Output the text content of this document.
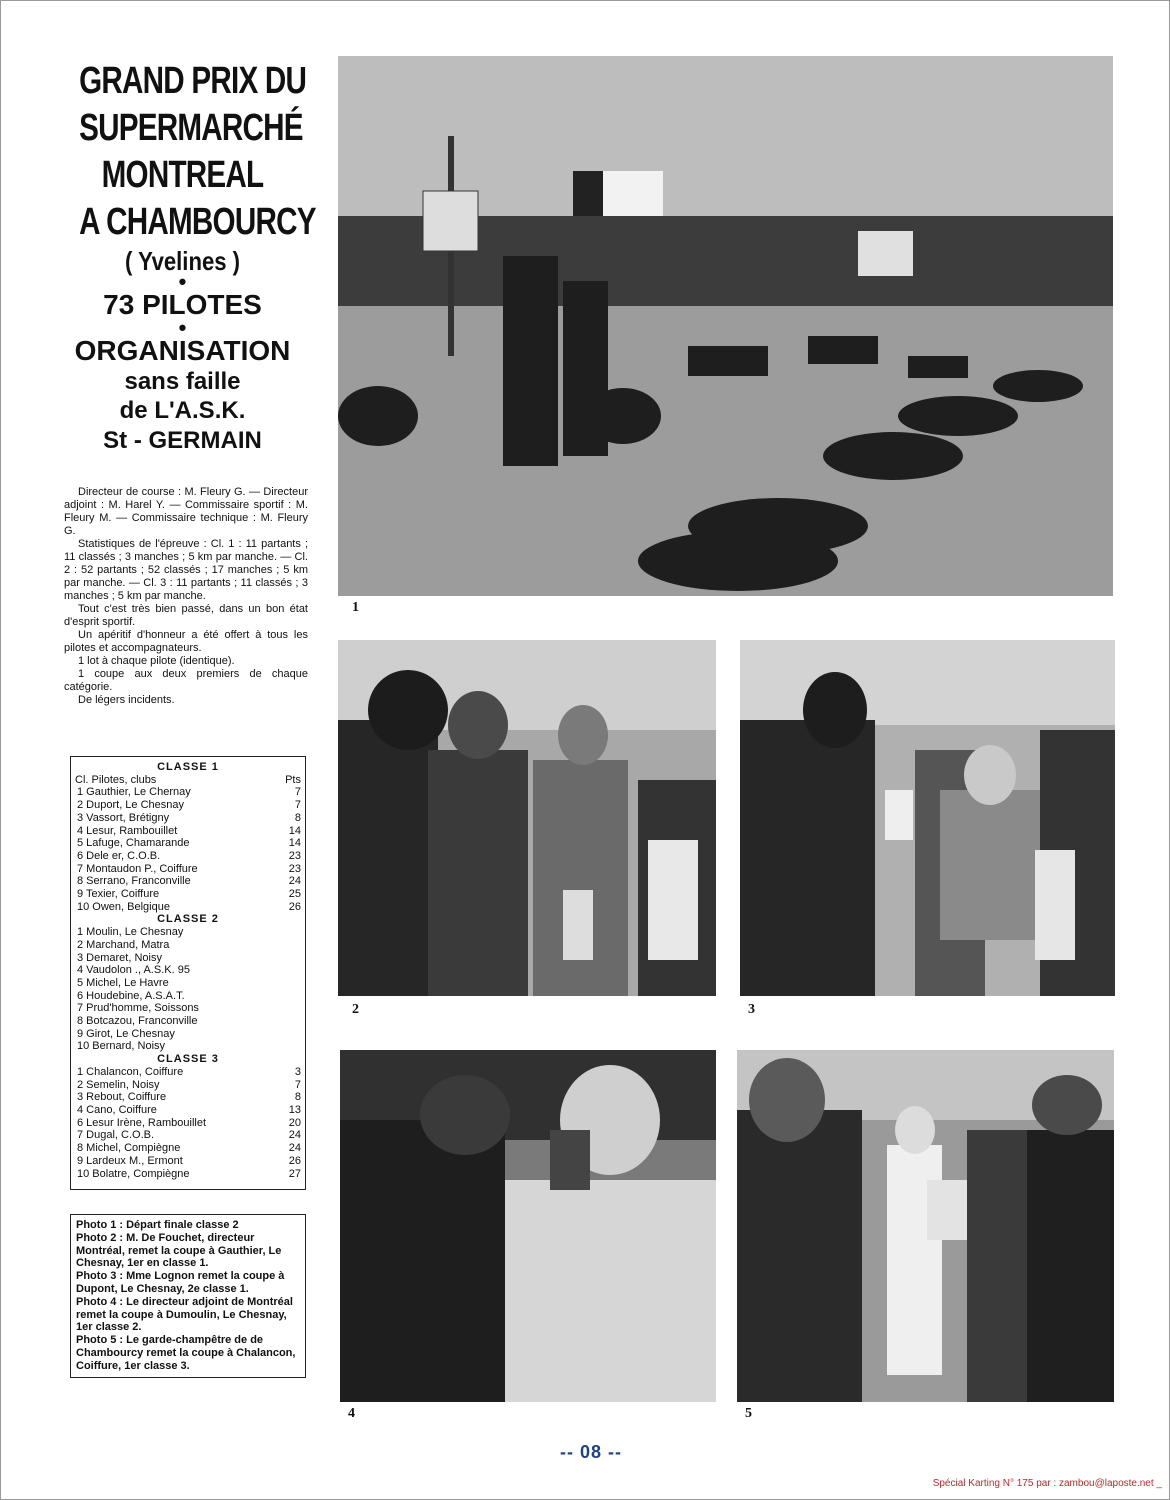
GRAND PRIX DU
SUPERMARCHÉ
MONTREAL
A CHAMBOURCY
( Yvelines )
•
73 PILOTES
•
ORGANISATION
sans faille
de L'A.S.K.
St - GERMAIN

Directeur de course : M. Fleury G. — Directeur adjoint : M. Harel Y. — Commissaire sportif : M. Fleury M. — Commissaire technique : M. Fleury G.

Statistiques de l'épreuve : Cl. 1 : 11 partants ; 11 classés ; 3 manches ; 5 km par manche. — Cl. 2 : 52 partants ; 52 classés ; 17 manches ; 5 km par manche. — Cl. 3 : 11 partants ; 11 classés ; 3 manches ; 5 km par manche.

Tout c'est très bien passé, dans un bon état d'esprit sportif.

Un apéritif d'honneur a été offert à tous les pilotes et accompagnateurs.

1 lot à chaque pilote (identique).

1 coupe aux deux premiers de chaque catégorie.

De légers incidents.

CLASSE 1
Cl. Pilotes, clubs	Pts
1 Gauthier, Le Chernay	7
2 Duport, Le Chesnay	7
3 Vassort, Brétigny	8
4 Lesur, Rambouillet	14
5 Lafuge, Chamarande	14
6 Dele er, C.O.B.	23
7 Montaudon P., Coiffure	23
8 Serrano, Franconville	24
9 Texier, Coiffure	25
10 Owen, Belgique	26
CLASSE 2
1 Moulin, Le Chesnay
2 Marchand, Matra
3 Demaret, Noisy
4 Vaudolon ., A.S.K. 95
5 Michel, Le Havre
6 Houdebine, A.S.A.T.
7 Prud'homme, Soissons
8 Botcazou, Franconville
9 Girot, Le Chesnay
10 Bernard, Noisy
CLASSE 3
1 Chalancon, Coiffure	3
2 Semelin, Noisy	7
3 Rebout, Coiffure	8
4 Cano, Coiffure	13
6 Lesur Irène, Rambouillet	20
7 Dugal, C.O.B.	24
8 Michel, Compiègne	24
9 Lardeux M., Ermont	26
10 Bolatre, Compiègne	27
Photo 1 : Départ finale classe 2
Photo 2 : M. De Fouchet, directeur Montréal, remet la coupe à Gauthier, Le Chesnay, 1er en classe 1.
Photo 3 : Mme Lognon remet la coupe à Dupont, Le Chesnay, 2e classe 1.
Photo 4 : Le directeur adjoint de Montréal remet la coupe à Dumoulin, Le Chesnay, 1er classe 2.
Photo 5 : Le garde-champêtre de de Chambourcy remet la coupe à Chalancon, Coiffure, 1er classe 3.
1
2	3
4	5
-- 08 --
Spécial Karting N° 175 par : zambou@laposte.net _
